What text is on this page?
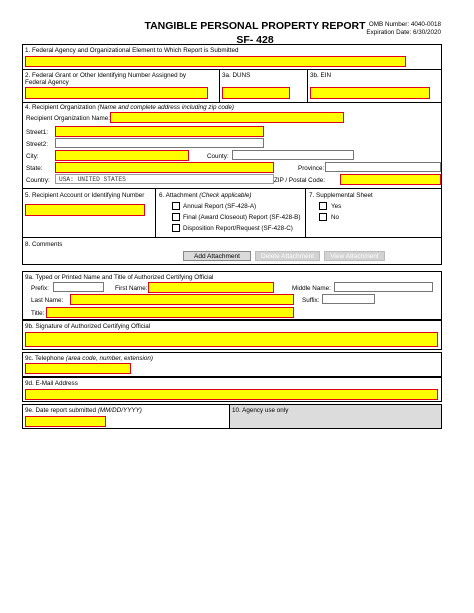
TANGIBLE PERSONAL PROPERTY REPORT
SF- 428
OMB Number: 4040-0018
Expiration Date: 6/30/2020
1. Federal Agency and Organizational Element to Which Report is Submitted
2. Federal Grant or Other Identifying Number Assigned by
Federal Agency
3a. DUNS	3b. EIN
4. Recipient Organization (Name and complete address including zip code)
Recipient Organization Name:
Street1:
Street2:
City:	County:
State:	Province:
Country: USA: UNITED STATES	ZIP / Postal Code:
5. Recipient Account or Identifying Number 6. Attachment (Check applicable)
Annual Report (SF-428-A)
Final (Award Closeout) Report (SF-428-B)
Disposition Report/Request (SF-428-C)
7. Supplemental Sheet
Yes
No
8. Comments
Add Attachment	Delete Attachment	View Attachment
9a. Typed or Printed Name and Title of Authorized Certifying Official
Prefix:	First Name:	Middle Name:
Last Name:	Suffix:
Title:
9b. Signature of Authorized Certifying Official
9c. Telephone (area code, number, extension)
9d. E-Mail Address
9e. Date report submitted (MM/DD/YYYY)	10. Agency use only
